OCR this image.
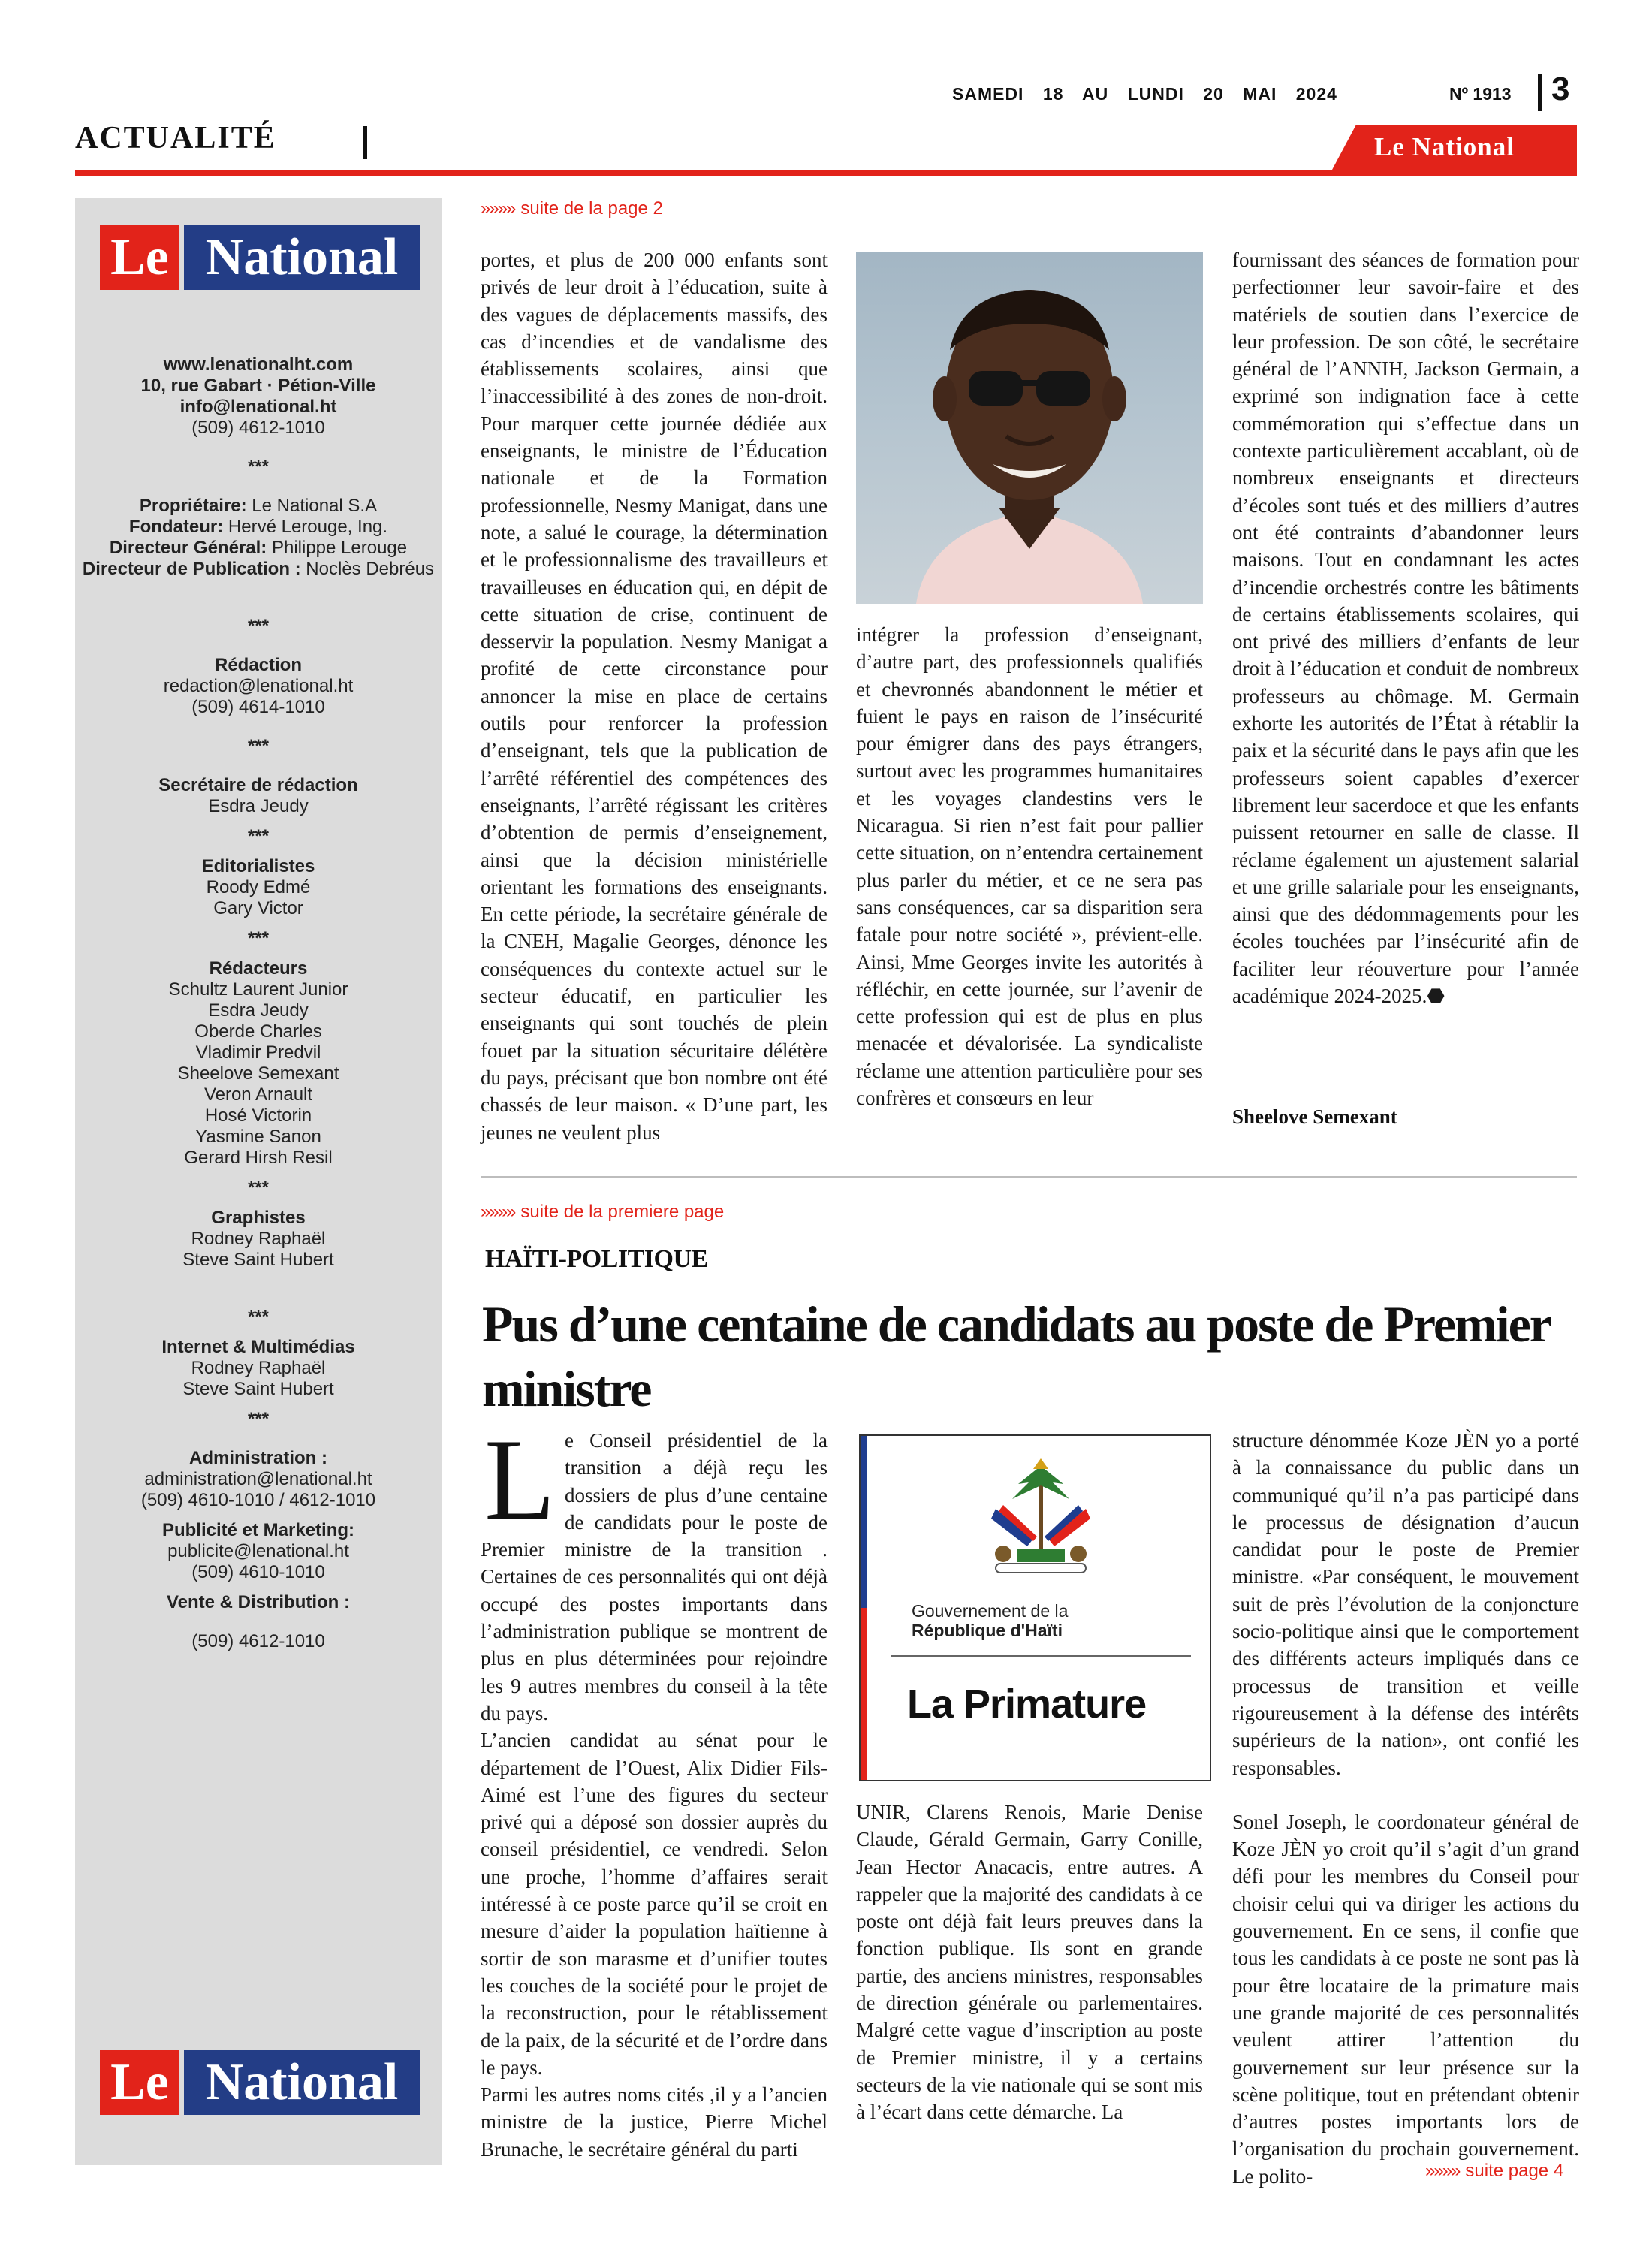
SAMEDI 18 AU LUNDI 20 MAI 2024	Nº 1913 3
ACTUALITÉ	Le National
Le National
www.lenationalht.com
10, rue Gabart · Pétion-Ville
info@lenational.ht
(509) 4612-1010
***
Propriétaire: Le National S.A
Fondateur: Hervé Lerouge, Ing.
Directeur Général: Philippe Lerouge
Directeur de Publication : Noclès Debréus
***
Rédaction
redaction@lenational.ht
(509) 4614-1010
***
Secrétaire de rédaction
Esdra Jeudy
***
Editorialistes
Roody Edmé
Gary Victor
***
Rédacteurs
Schultz Laurent Junior
Esdra Jeudy
Oberde Charles
Vladimir Predvil
Sheelove Semexant
Veron Arnault
Hosé Victorin
Yasmine Sanon
Gerard Hirsh Resil
***
Graphistes
Rodney Raphaël
Steve Saint Hubert
***
Internet & Multimédias
Rodney Raphaël
Steve Saint Hubert
***
Administration :
administration@lenational.ht
(509) 4610-1010 / 4612-1010
Publicité et Marketing:
publicite@lenational.ht
(509) 4610-1010
Vente & Distribution :
(509) 4612-1010
Le National
»»»» suite de la page 2
portes, et plus de 200 000 enfants sont privés de leur droit à l’éducation, suite à des vagues de déplacements massifs, des cas d’incendies et de vandalisme des établissements scolaires, ainsi que l’inaccessibilité à des zones de non-droit. Pour marquer cette journée dédiée aux enseignants, le ministre de l’Éducation nationale et de la Formation professionnelle, Nesmy Manigat, dans une note, a salué le courage, la détermination et le professionnalisme des travailleurs et travailleuses en éducation qui, en dépit de cette situation de crise, continuent de desservir la population. Nesmy Manigat a profité de cette circonstance pour annoncer la mise en place de certains outils pour renforcer la profession d’enseignant, tels que la publication de l’arrêté référentiel des compétences des enseignants, l’arrêté régissant les critères d’obtention de permis d’enseignement, ainsi que la décision ministérielle orientant les formations des enseignants. En cette période, la secrétaire générale de la CNEH, Magalie Georges, dénonce les conséquences du contexte actuel sur le secteur éducatif, en particulier les enseignants qui sont touchés de plein fouet par la situation sécuritaire délétère du pays, précisant que bon nombre ont été chassés de leur maison. « D’une part, les jeunes ne veulent plus
intégrer la profession d’enseignant, d’autre part, des professionnels qualifiés et chevronnés abandonnent le métier et fuient le pays en raison de l’insécurité pour émigrer dans des pays étrangers, surtout avec les programmes humanitaires et les voyages clandestins vers le Nicaragua. Si rien n’est fait pour pallier cette situation, on n’entendra certainement plus parler du métier, et ce ne sera pas sans conséquences, car sa disparition sera fatale pour notre société », prévient-elle. Ainsi, Mme Georges invite les autorités à réfléchir, en cette journée, sur l’avenir de cette profession qui est de plus en plus menacée et dévalorisée. La syndicaliste réclame une attention particulière pour ses confrères et consœurs en leur
fournissant des séances de formation pour perfectionner leur savoir-faire et des matériels de soutien dans l’exercice de leur profession. De son côté, le secrétaire général de l’ANNIH, Jackson Germain, a exprimé son indignation face à cette commémoration qui s’effectue dans un contexte particulièrement accablant, où de nombreux enseignants et directeurs d’écoles sont tués et des milliers d’autres ont été contraints d’abandonner leurs maisons. Tout en condamnant les actes d’incendie orchestrés contre les bâtiments de certains établissements scolaires, qui ont privé des milliers d’enfants de leur droit à l’éducation et conduit de nombreux professeurs au chômage. M. Germain exhorte les autorités de l’État à rétablir la paix et la sécurité dans le pays afin que les professeurs soient capables d’exercer librement leur sacerdoce et que les enfants puissent retourner en salle de classe. Il réclame également un ajustement salarial et une grille salariale pour les enseignants, ainsi que des dédommagements pour les écoles touchées par l’insécurité afin de faciliter leur réouverture pour l’année académique 2024-2025.⬣
Sheelove Semexant
»»»» suite de la premiere page
HAÏTI-POLITIQUE
Pus d’une centaine de candidats au poste de Premier ministre
L e Conseil présidentiel de la transition a déjà reçu les dossiers de plus d’une centaine de candidats pour le poste de Premier ministre de la transition . Certaines de ces personnalités qui ont déjà occupé des postes importants dans l’administration publique se montrent de plus en plus déterminées pour rejoindre les 9 autres membres du conseil à la tête du pays.
L’ancien candidat au sénat pour le département de l’Ouest, Alix Didier Fils-Aimé est l’une des figures du secteur privé qui a déposé son dossier auprès du conseil présidentiel, ce vendredi. Selon une proche, l’homme d’affaires serait intéressé à ce poste parce qu’il se croit en mesure d’aider la population haïtienne à sortir de son marasme et d’unifier toutes les couches de la société pour le projet de la reconstruction, pour le rétablissement de la paix, de la sécurité et de l’ordre dans le pays.
Parmi les autres noms cités ,il y a l’ancien ministre de la justice, Pierre Michel Brunache, le secrétaire général du parti
Gouvernement de la
République d'Haïti
La Primature
UNIR, Clarens Renois, Marie Denise Claude, Gérald Germain, Garry Conille, Jean Hector Anacacis, entre autres. A rappeler que la majorité des candidats à ce poste ont déjà fait leurs preuves dans la fonction publique. Ils sont en grande partie, des anciens ministres, responsables de direction générale ou parlementaires. Malgré cette vague d’inscription au poste de Premier ministre, il y a certains secteurs de la vie nationale qui se sont mis à l’écart dans cette démarche. La
structure dénommée Koze JÈN yo a porté à la connaissance du public dans un communiqué qu’il n’a pas participé dans le processus de désignation d’aucun candidat pour le poste de Premier ministre. «Par conséquent, le mouvement suit de près l’évolution de la conjoncture socio-politique ainsi que le comportement des différents acteurs impliqués dans ce processus de transition et veille rigoureusement à la défense des intérêts supérieurs de la nation», ont confié les responsables.
Sonel Joseph, le coordonateur général de Koze JÈN yo croit qu’il s’agit d’un grand défi pour les membres du Conseil pour choisir celui qui va diriger les actions du gouvernement. En ce sens, il confie que tous les candidats à ce poste ne sont pas là pour être locataire de la primature mais une grande majorité de ces personnalités veulent attirer l’attention du gouvernement sur leur présence sur la scène politique, tout en prétendant obtenir d’autres postes importants lors de l’organisation du prochain gouvernement. Le polito-	»»»» suite page 4
